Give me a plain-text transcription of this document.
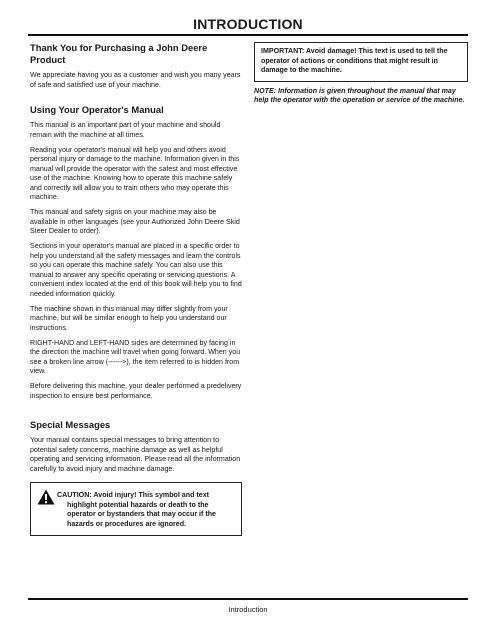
INTRODUCTION
Thank You for Purchasing a John Deere Product

We appreciate having you as a customer and wish you many years of safe and satisfied use of your machine.

Using Your Operator's Manual

This manual is an important part of your machine and should remain with the machine at all times.

Reading your operator's manual will help you and others avoid personal injury or damage to the machine. Information given in this manual will provide the operator with the safest and most effective use of the machine. Knowing how to operate this machine safely and correctly will allow you to train others who may operate this machine.

This manual and safety signs on your machine may also be available in other languages (see your Authorized John Deere Skid Steer Dealer to order).

Sections in your operator's manual are placed in a specific order to help you understand all the safety messages and learn the controls so you can operate this machine safely. You can also use this manual to answer any specific operating or servicing questions. A convenient index located at the end of this book will help you to find needed information quickly.

The machine shown in this manual may differ slightly from your machine, but will be similar enough to help you understand our instructions.

RIGHT-HAND and LEFT-HAND sides are determined by facing in the direction the machine will travel when going forward. When you see a broken line arrow (------>), the item referred to is hidden from view.

Before delivering this machine, your dealer performed a predelivery inspection to ensure best performance.

Special Messages

Your manual contains special messages to bring attention to potential safety concerns, machine damage as well as helpful operating and servicing information. Please read all the information carefully to avoid injury and machine damage.

CAUTION: Avoid injury! This symbol and text
highlight potential hazards or death to the operator or bystanders that may occur if the hazards or procedures are ignored.
IMPORTANT: Avoid damage! This text is used to tell the operator of actions or conditions that might result in damage to the machine.
NOTE: Information is given throughout the manual that may help the operator with the operation or service of the machine.
Introduction
